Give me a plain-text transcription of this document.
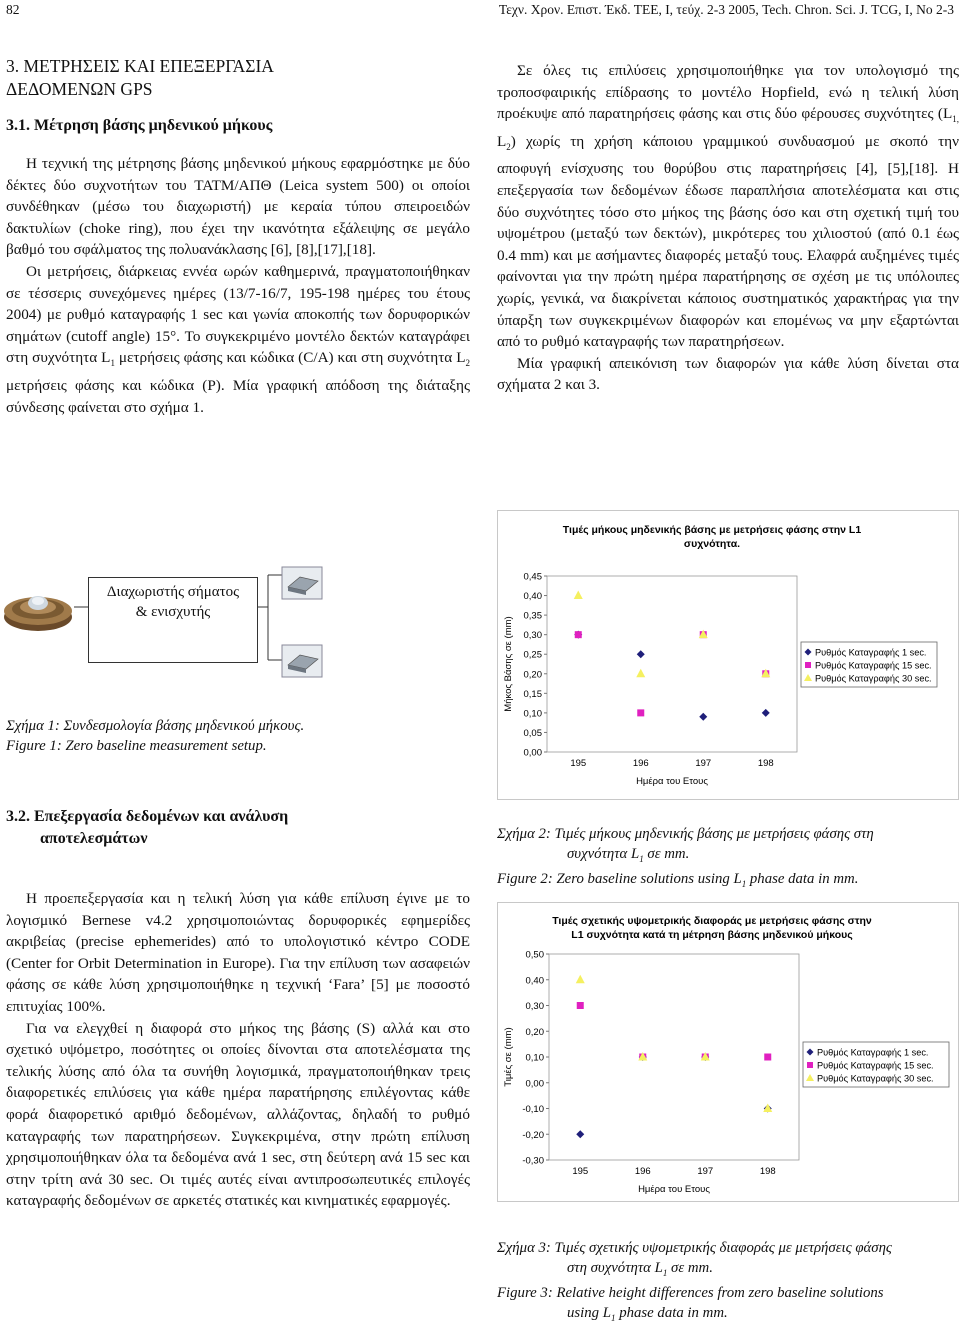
82	Τεχν. Χρον. Επιστ. Έκδ. ΤΕΕ, Ι, τεύχ. 2-3 2005, Tech. Chron. Sci. J. TCG, I, No 2-3

3. ΜΕΤΡΗΣΕΙΣ ΚΑΙ ΕΠΕΞΕΡΓΑΣΙΑ

ΔΕΔΟΜΕΝΩΝ GPS

3.1. Μέτρηση βάσης μηδενικού μήκους

Η τεχνική της μέτρησης βάσης μηδενικού μήκους εφαρμόστηκε με δύο δέκτες δύο συχνοτήτων του ΤΑΤΜ/ΑΠΘ (Leica system 500) οι οποίοι συνδέθηκαν (μέσω του διαχωριστή) με κεραία τύπου σπειροειδών δακτυλίων (choke ring), που έχει την ικανότητα εξάλειψης σε μεγάλο βαθμό του σφάλματος της πολυανάκλασης [6], [8],[17],[18].

Οι μετρήσεις, διάρκειας εννέα ωρών καθημερινά, πραγματοποιήθηκαν σε τέσσερις συνεχόμενες ημέρες (13/7-16/7, 195-198 ημέρες του έτους 2004) με ρυθμό καταγραφής 1 sec και γωνία αποκοπής των δορυφορικών σημάτων (cutoff angle) 15°. Το συγκεκριμένο μοντέλο δεκτών καταγράφει στη συχνότητα $L_1$ μετρήσεις φάσης και κώδικα (C/A) και στη συχνότητα $L_2$ μετρήσεις φάσης και κώδικα (P). Μία γραφική απόδοση της διάταξης σύνδεσης φαίνεται στο σχήμα 1.

Διαχωριστής σήματος & ενισχυτής
Σχήμα 1: Συνδεσμολογία βάσης μηδενικού μήκους.
Figure 1: Zero baseline measurement setup.

3.2. Επεξεργασία δεδομένων και ανάλυση

αποτελεσμάτων

Η προεπεξεργασία και η τελική λύση για κάθε επίλυση έγινε με το λογισμικό Bernese v4.2 χρησιμοποιώντας δορυφορικές εφημερίδες ακριβείας (precise ephemerides) από το υπολογιστικό κέντρο CODE (Center for Orbit Determination in Europe). Για την επίλυση των ασαφειών φάσης σε κάθε λύση χρησιμοποιήθηκε η τεχνική ‘Fara’ [5] με ποσοστό επιτυχίας 100%.

Για να ελεγχθεί η διαφορά στο μήκος της βάσης (S) αλλά και στο σχετικό υψόμετρο, ποσότητες οι οποίες δίνονται στα αποτελέσματα της τελικής λύσης από όλα τα συνήθη λογισμικά, πραγματοποιήθηκαν τρεις διαφορετικές επιλύσεις για κάθε ημέρα παρατήρησης επιλέγοντας κάθε φορά διαφορετικό αριθμό δεδομένων, αλλάζοντας, δηλαδή το ρυθμό καταγραφής των παρατηρήσεων. Συγκεκριμένα, στην πρώτη επίλυση χρησιμοποιήθηκαν όλα τα δεδομένα ανά 1 sec, στη δεύτερη ανά 15 sec και στην τρίτη ανά 30 sec. Οι τιμές αυτές είναι αντιπροσωπευτικές επιλογές καταγραφής δεδομένων σε αρκετές στατικές και κινηματικές εφαρμογές.

Σε όλες τις επιλύσεις χρησιμοποιήθηκε για τον υπολογισμό της τροποσφαιρικής επίδρασης το μοντέλο Hopfield, ενώ η τελική λύση προέκυψε από παρατηρήσεις φάσης και στις δύο φέρουσες συχνότητες ($L_{1,}$ $L_2$) χωρίς τη χρήση κάποιου γραμμικού συνδυασμού με σκοπό την αποφυγή ενίσχυσης του θορύβου στις παρατηρήσεις [4], [5],[18]. Η επεξεργασία των δεδομένων έδωσε παραπλήσια αποτελέσματα και στις δύο συχνότητες τόσο στο μήκος της βάσης όσο και στη σχετική τιμή του υψομέτρου (μεταξύ των δεκτών), μικρότερες του χιλιοστού (από 0.1 έως 0.4 mm) και με ασήμαντες διαφορές μεταξύ τους. Ελαφρά αυξημένες τιμές φαίνονται για την πρώτη ημέρα παρατήρησης σε σχέση με τις υπόλοιπες χωρίς, γενικά, να διακρίνεται κάποιος συστηματικός χαρακτήρας για την ύπαρξη των συγκεκριμένων διαφορών και επομένως να μην εξαρτώνται από το ρυθμό καταγραφής των παρατηρήσεων.

Μία γραφική απεικόνιση των διαφορών για κάθε λύση δίνεται στα σχήματα 2 και 3.

Τιμές μήκους μηδενικής βάσης με μετρήσεις φάσης στην L1
συχνότητα.
0,00
0,05
0,10
0,15
0,20
0,25
0,30
0,35
0,40
0,45
195	196	197	198
Ημέρα του Ετους
Μήκος Βάσης σε (mm)	Ρυθμός Καταγραφής 1 sec.
Ρυθμός Καταγραφής 15 sec.
Ρυθμός Καταγραφής 30 sec.
Σχήμα 2: Τιμές μήκους μηδενικής βάσης με μετρήσεις φάσης στη
συχνότητα $L_1$ σε mm.
Figure 2: Zero baseline solutions using $L_1$ phase data in mm.
Τιμές σχετικής υψομετρικής διαφοράς με μετρήσεις φάσης στην
L1 συχνότητα κατά τη μέτρηση βάσης μηδενικού μήκους
-0,30
-0,20
-0,10
0,00
0,10
0,20
0,30
0,40
0,50
195	196	197	198
Ημέρα του Ετους
Τιμές σε (mm)	Ρυθμός Καταγραφής 1 sec.
Ρυθμός Καταγραφής 15 sec.
Ρυθμός Καταγραφής 30 sec.
Σχήμα 3: Τιμές σχετικής υψομετρικής διαφοράς με μετρήσεις φάσης
στη συχνότητα $L_1$ σε mm.
Figure 3: Relative height differences from zero baseline solutions
using $L_1$ phase data in mm.
